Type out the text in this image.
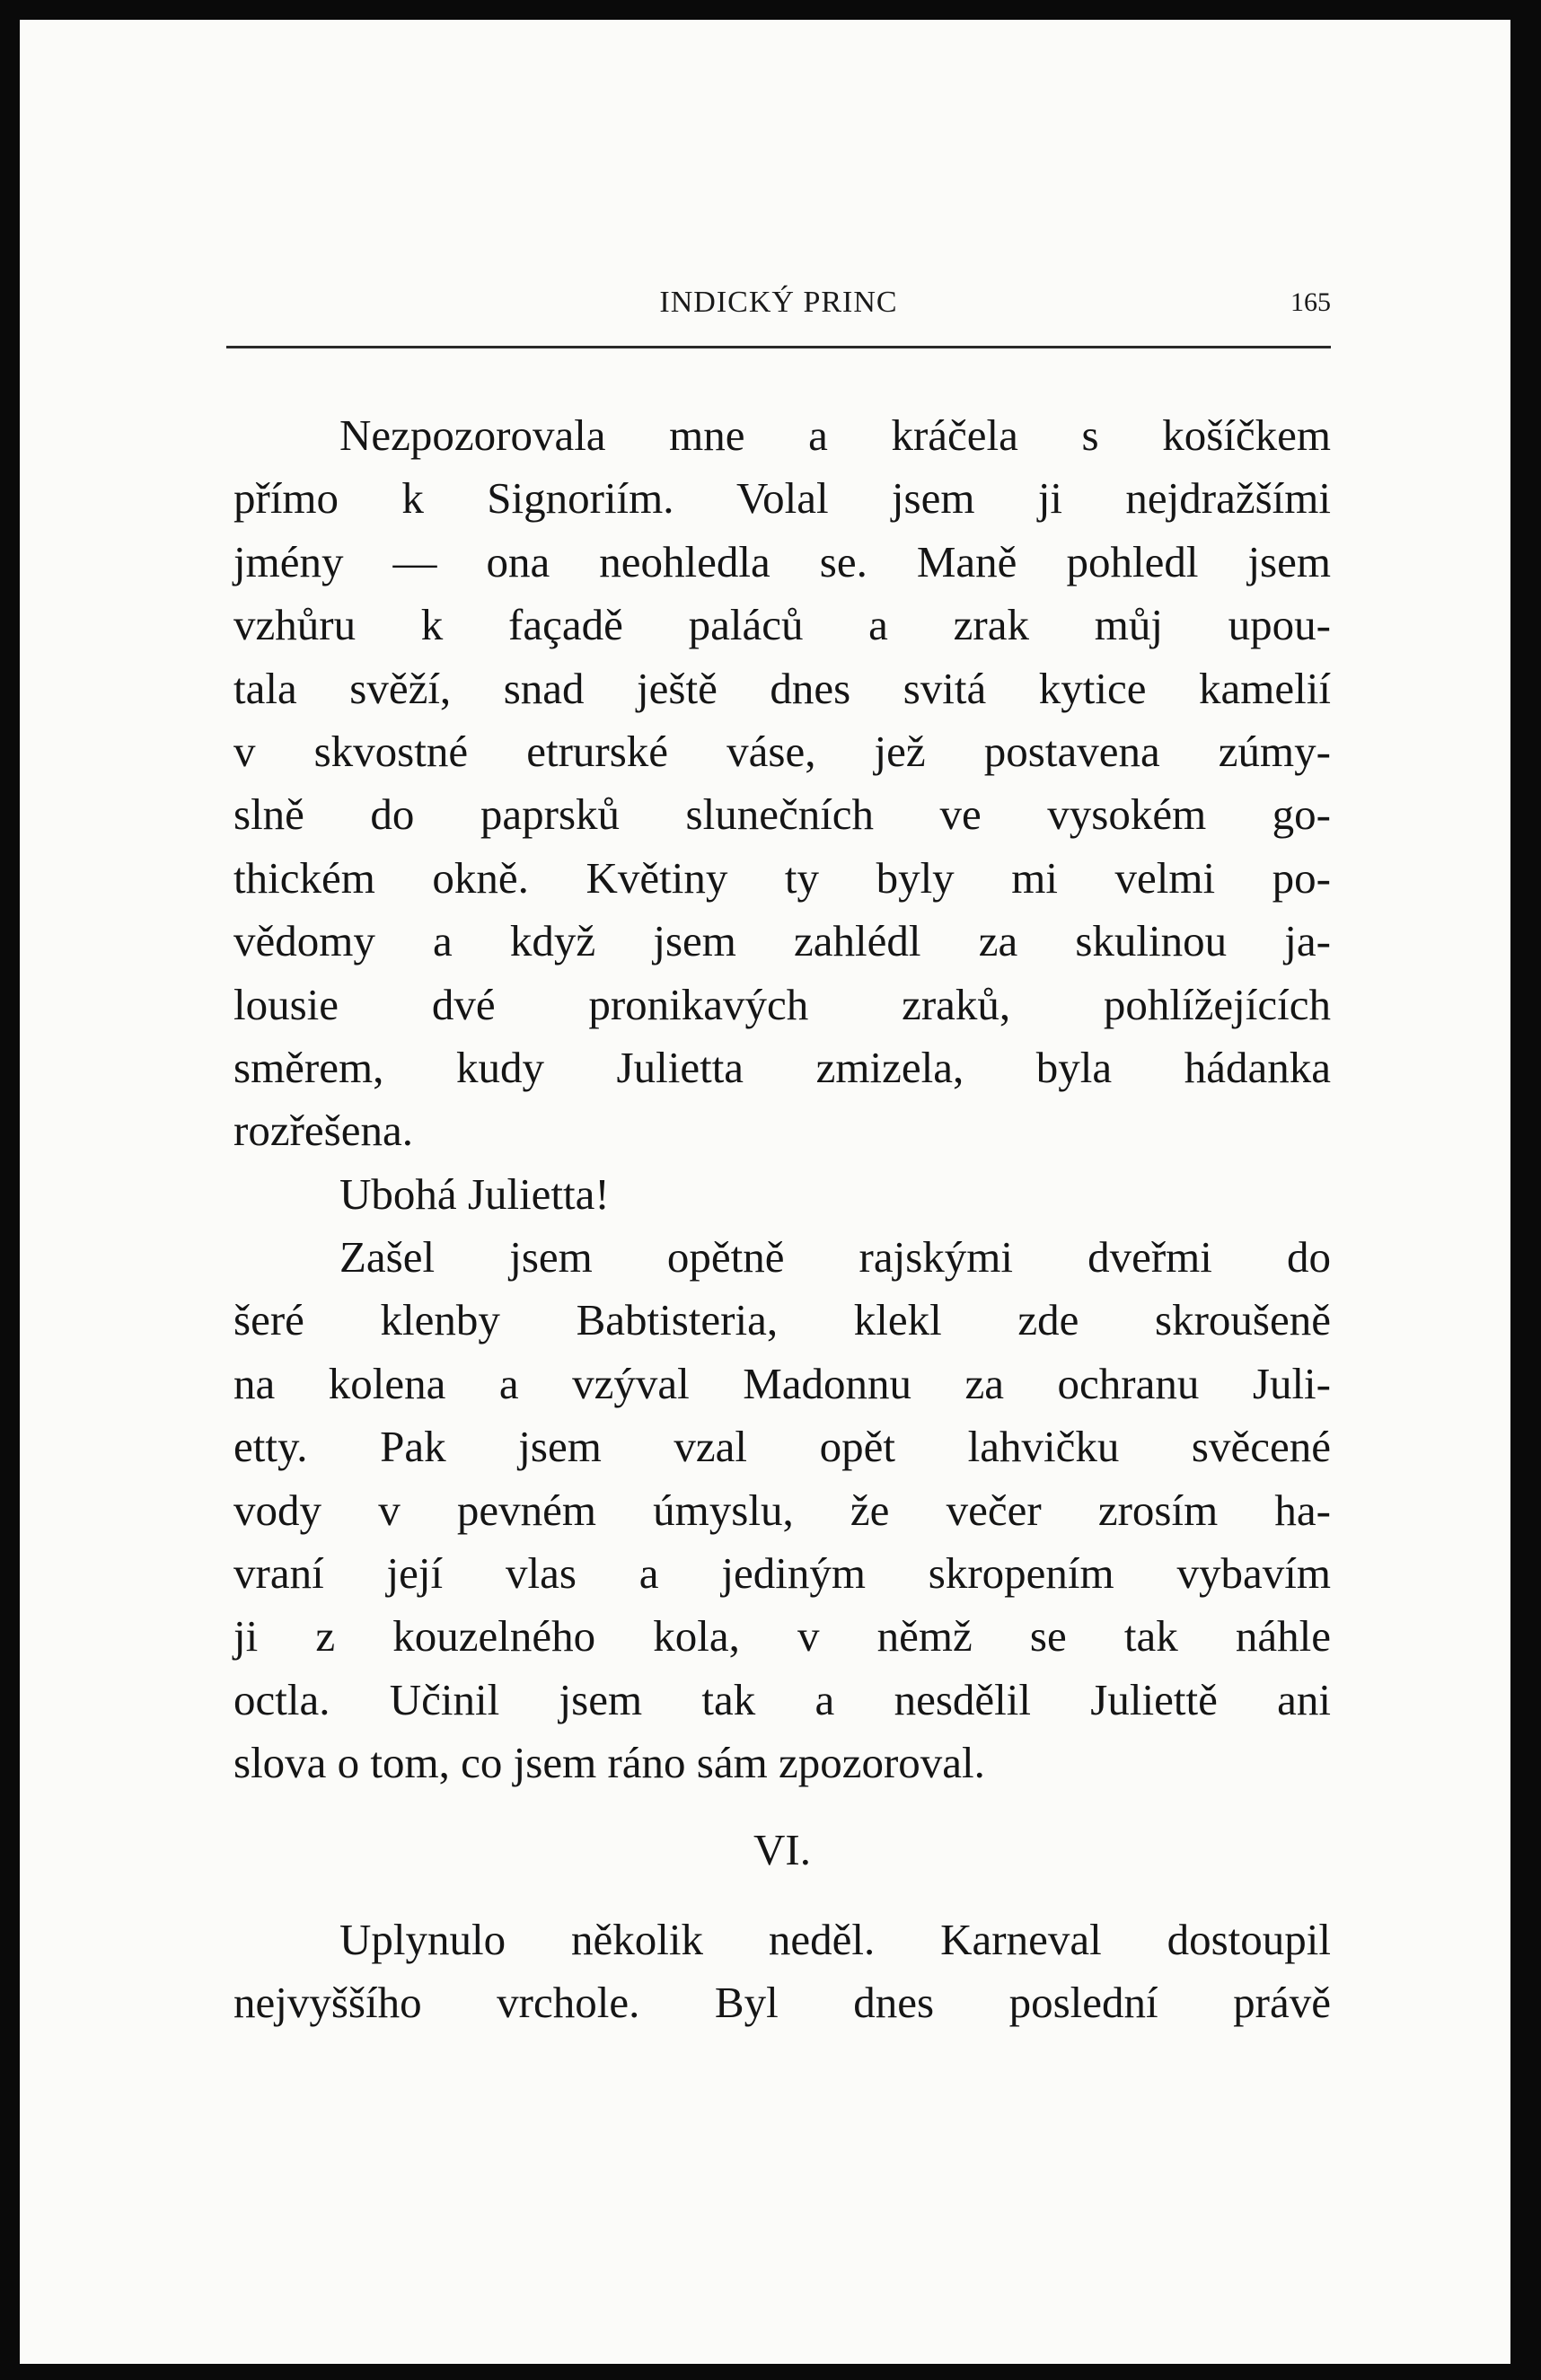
INDICKÝ PRINC	165
Nezpozorovala mne a kráčela s košíčkem
přímo k Signoriím. Volal jsem ji nejdražšími
jmény — ona neohledla se. Maně pohledl jsem
vzhůru k façadě paláců a zrak můj upou-
tala svěží, snad ještě dnes svitá kytice kamelií
v skvostné etrurské váse, jež postavena zúmy-
slně do paprsků slunečních ve vysokém go-
thickém okně. Květiny ty byly mi velmi po-
vědomy a když jsem zahlédl za skulinou ja-
lousie dvé pronikavých zraků, pohlížejících
směrem, kudy Julietta zmizela, byla hádanka
rozřešena.
Ubohá Julietta!
Zašel jsem opětně rajskými dveřmi do
šeré klenby Babtisteria, klekl zde skroušeně
na kolena a vzýval Madonnu za ochranu Juli-
etty. Pak jsem vzal opět lahvičku svěcené
vody v pevném úmyslu, že večer zrosím ha-
vraní její vlas a jediným skropením vybavím
ji z kouzelného kola, v němž se tak náhle
octla. Učinil jsem tak a nesdělil Juliettě ani
slova o tom, co jsem ráno sám zpozoroval.
VI.
Uplynulo několik neděl. Karneval dostoupil
nejvyššího vrchole. Byl dnes poslední právě
